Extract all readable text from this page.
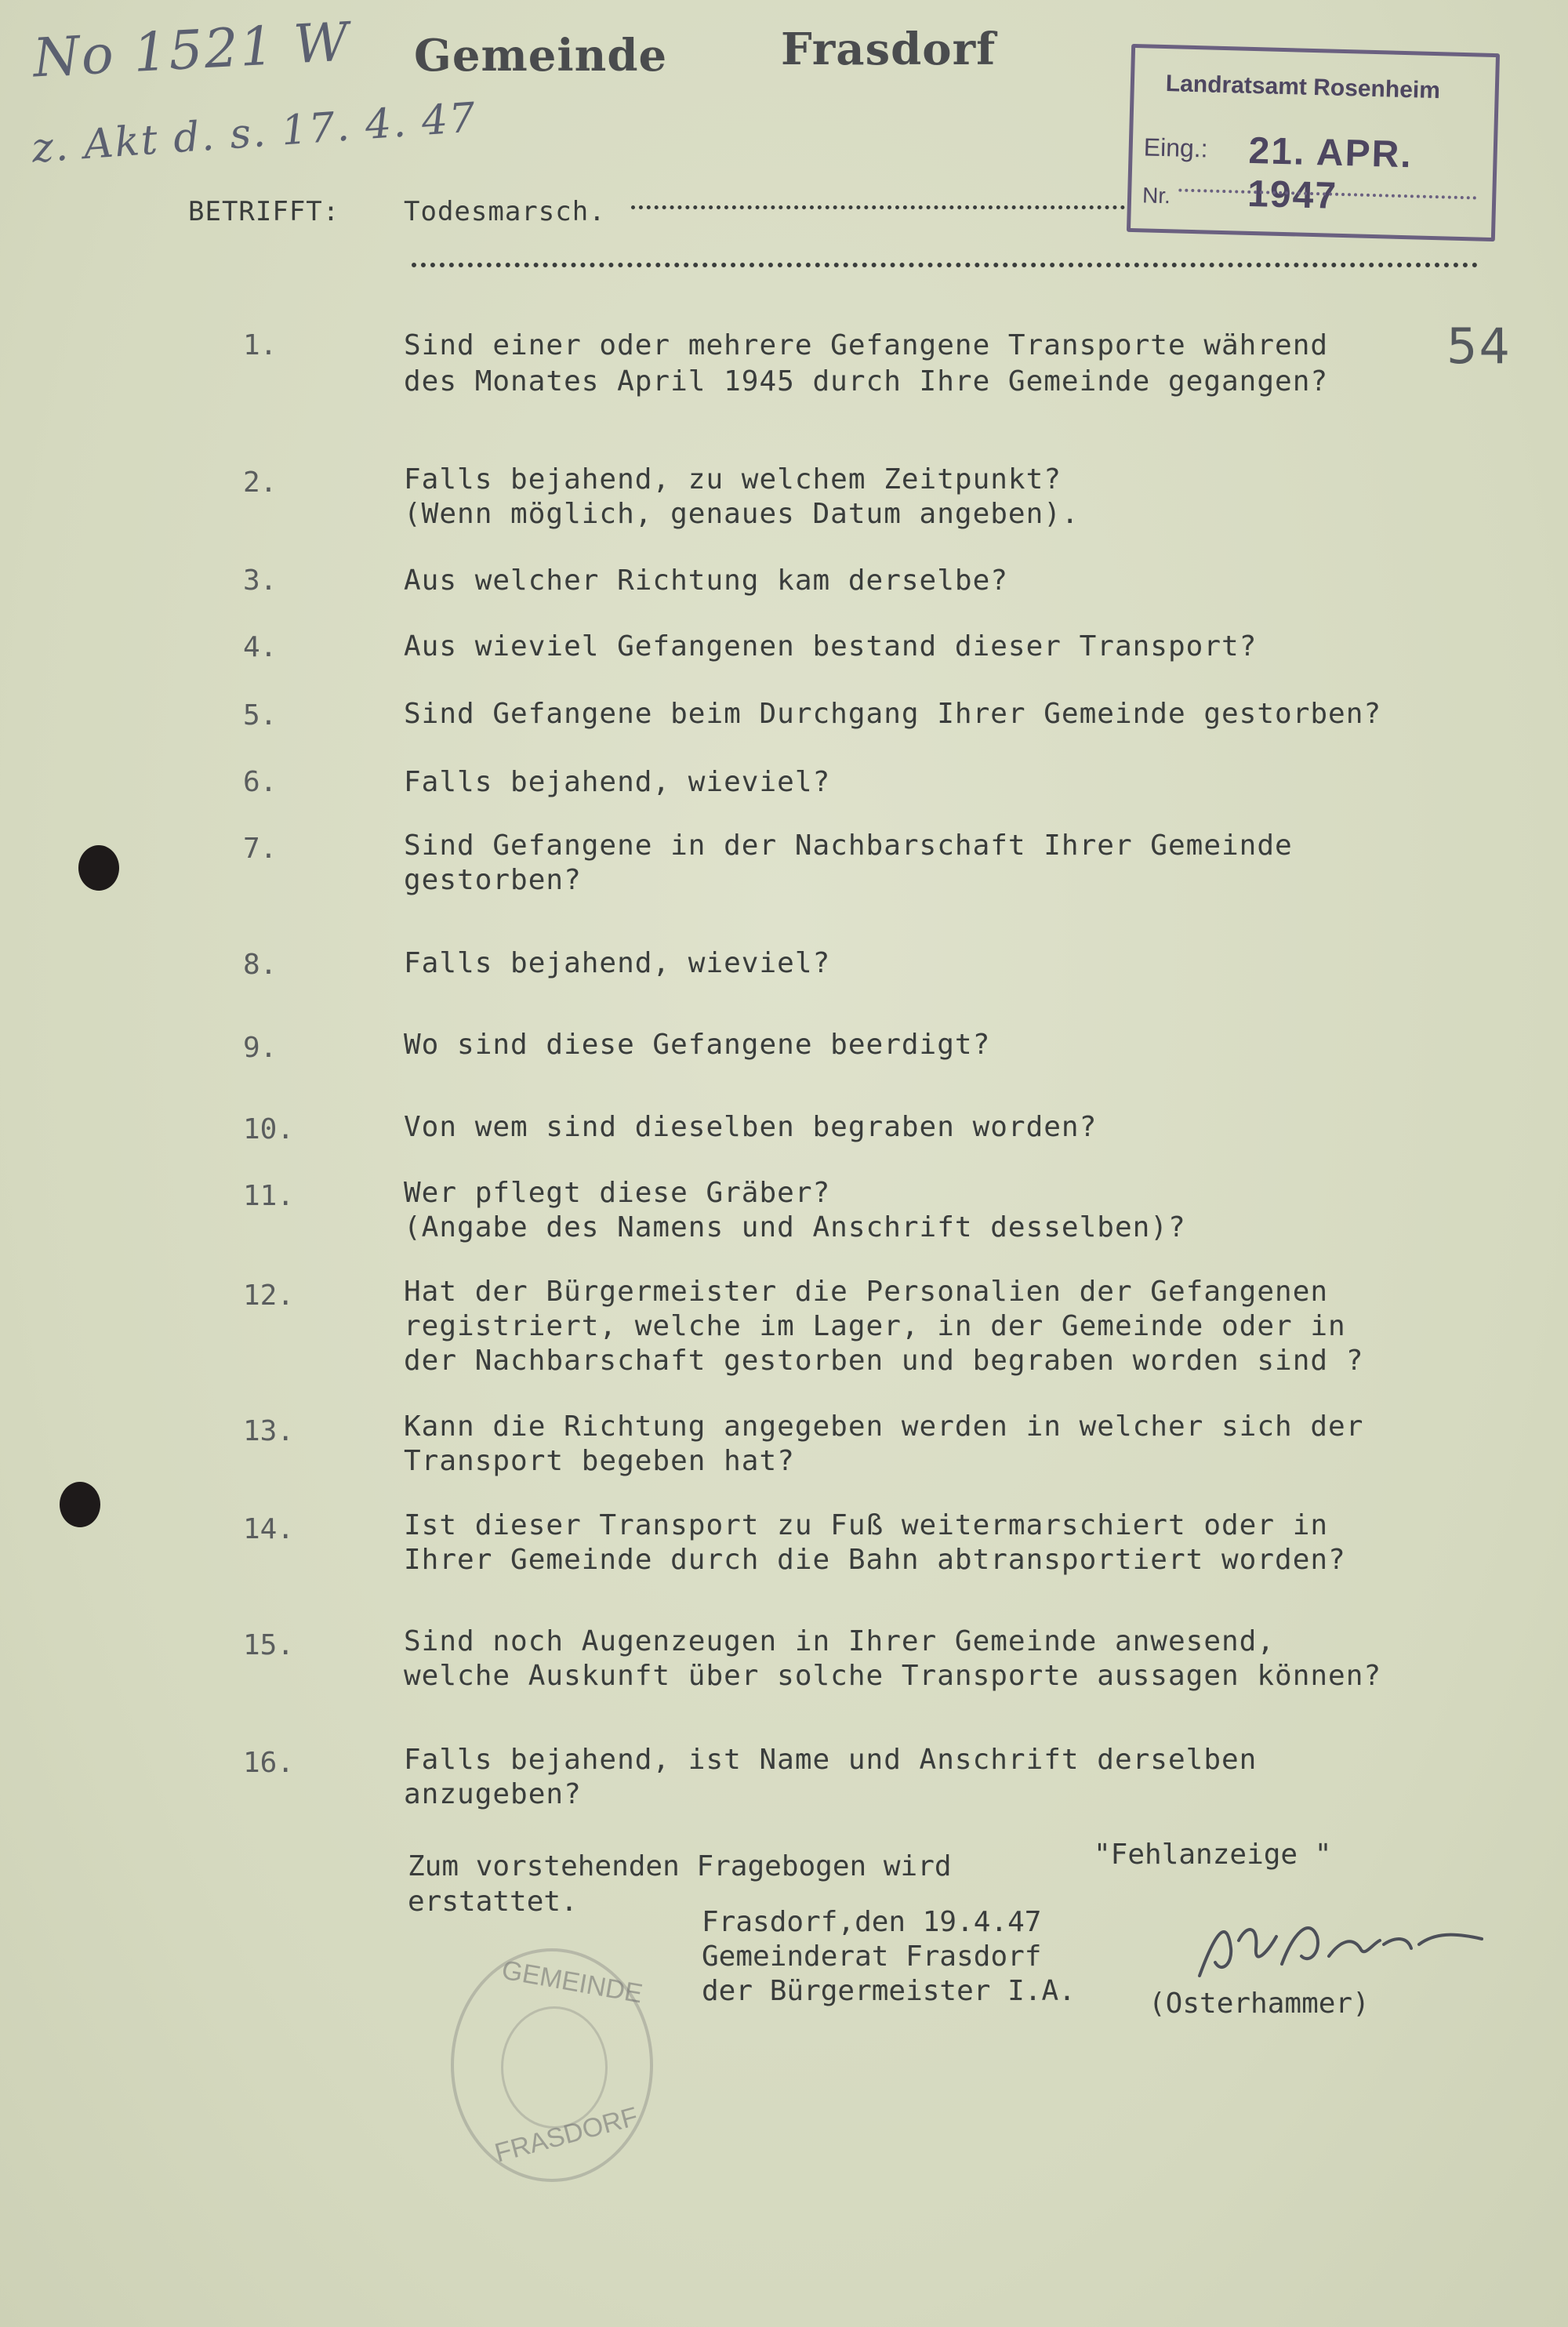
No 1521 W
z. Akt d. s. 17. 4. 47
54
Gemeinde	Frasdorf
Landratsamt Rosenheim
Eing.: 21. APR. 1947
Nr.
BETRIFFT: Todesmarsch.
1.	Sind einer oder mehrere Gefangene Transporte während
des Monates April 1945 durch Ihre Gemeinde gegangen?
2.	Falls bejahend, zu welchem Zeitpunkt?
(Wenn möglich, genaues Datum angeben).
3.	Aus welcher Richtung kam derselbe?
4.	Aus wieviel Gefangenen bestand dieser Transport?
5.	Sind Gefangene beim Durchgang Ihrer Gemeinde gestorben?
6.	Falls bejahend, wieviel?
7.	Sind Gefangene in der Nachbarschaft Ihrer Gemeinde
gestorben?
8.	Falls bejahend, wieviel?
9.	Wo sind diese Gefangene beerdigt?
10.	Von wem sind dieselben begraben worden?
11.	Wer pflegt diese Gräber?
(Angabe des Namens und Anschrift desselben)?
12.	Hat der Bürgermeister die Personalien der Gefangenen
registriert, welche im Lager, in der Gemeinde oder in
der Nachbarschaft gestorben und begraben worden sind ?
13.	Kann die Richtung angegeben werden in welcher sich der
Transport begeben hat?
14.	Ist dieser Transport zu Fuß weitermarschiert oder in
Ihrer Gemeinde durch die Bahn abtransportiert worden?
15.	Sind noch Augenzeugen in Ihrer Gemeinde anwesend,
welche Auskunft über solche Transporte aussagen können?
16.	Falls bejahend, ist Name und Anschrift derselben
anzugeben?
Zum vorstehenden Fragebogen wird
erstattet.
"Fehlanzeige "
Frasdorf,den 19.4.47
Gemeinderat Frasdorf
der Bürgermeister I.A.	(Osterhammer)
GEMEINDE
FRASDORF
